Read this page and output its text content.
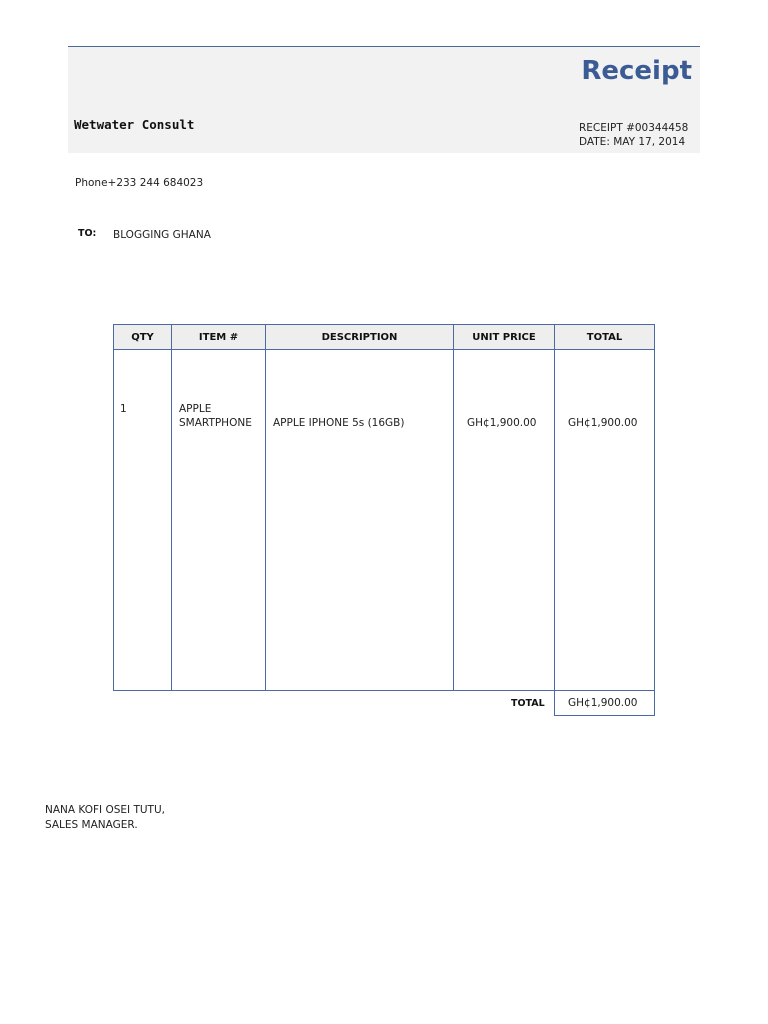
Receipt
Wetwater Consult	RECEIPT #00344458
DATE: MAY 17, 2014
Phone+233 244 684023
TO: BLOGGING GHANA
QTY
1
ITEM #
APPLE
SMARTPHONE
DESCRIPTION
APPLE IPHONE 5s (16GB)
UNIT PRICE
GH¢1,900.00
TOTAL
GH¢1,900.00
TOTAL	GH¢1,900.00
NANA KOFI OSEI TUTU,
SALES MANAGER.
